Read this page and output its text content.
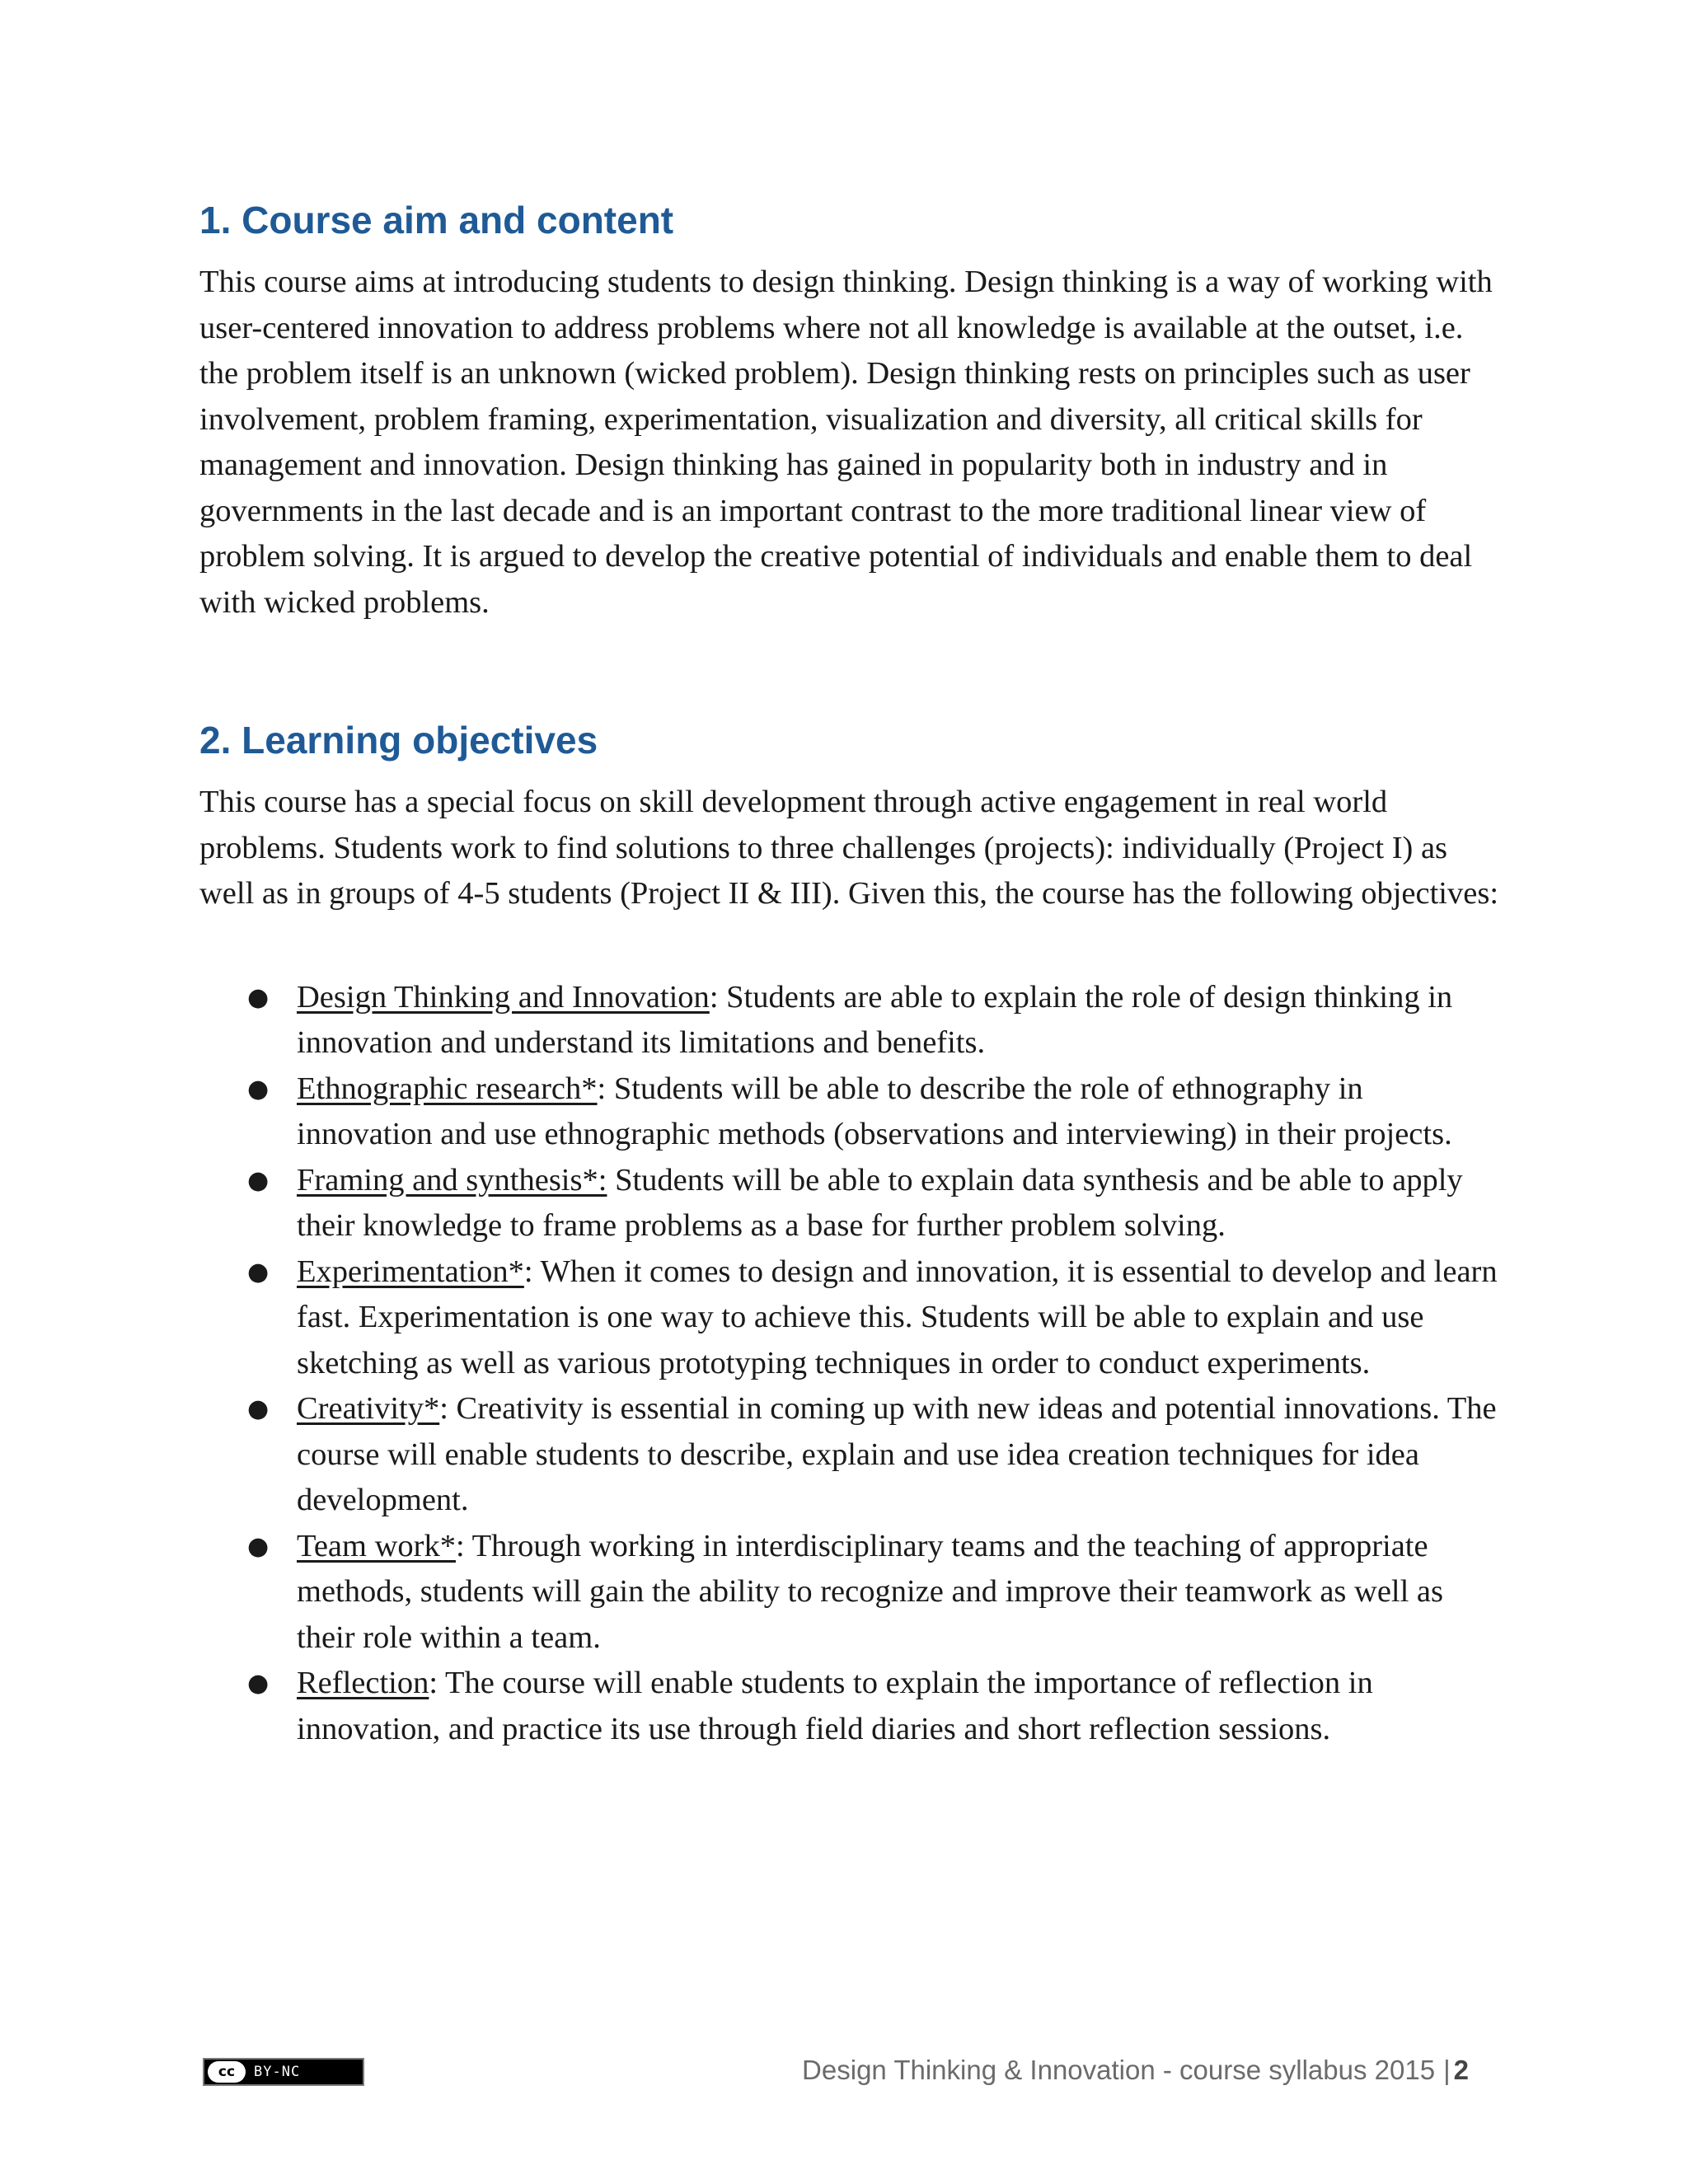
1. Course aim and content

This course aims at introducing students to design thinking. Design thinking is a way of working with user-centered innovation to address problems where not all knowledge is available at the outset, i.e. the problem itself is an unknown (wicked problem). Design thinking rests on principles such as user involvement, problem framing, experimentation, visualization and diversity, all critical skills for management and innovation. Design thinking has gained in popularity both in industry and in governments in the last decade and is an important contrast to the more traditional linear view of problem solving. It is argued to develop the creative potential of individuals and enable them to deal with wicked problems.

2. Learning objectives

This course has a special focus on skill development through active engagement in real world problems. Students work to find solutions to three challenges (projects): individually (Project I) as well as in groups of 4-5 students (Project II & III). Given this, the course has the following objectives:

● Design Thinking and Innovation: Students are able to explain the role of design thinking in innovation and understand its limitations and benefits.
● Ethnographic research*: Students will be able to describe the role of ethnography in innovation and use ethnographic methods (observations and interviewing) in their projects.
● Framing and synthesis*: Students will be able to explain data synthesis and be able to apply their knowledge to frame problems as a base for further problem solving.
● Experimentation*: When it comes to design and innovation, it is essential to develop and learn fast. Experimentation is one way to achieve this. Students will be able to explain and use sketching as well as various prototyping techniques in order to conduct experiments.
● Creativity*: Creativity is essential in coming up with new ideas and potential innovations. The course will enable students to describe, explain and use idea creation techniques for idea development.
● Team work*: Through working in interdisciplinary teams and the teaching of appropriate methods, students will gain the ability to recognize and improve their teamwork as well as their role within a team.
● Reflection: The course will enable students to explain the importance of reflection in innovation, and practice its use through field diaries and short reflection sessions.
cc	BY-NC	Design Thinking & Innovation - course syllabus 2015 | 2
